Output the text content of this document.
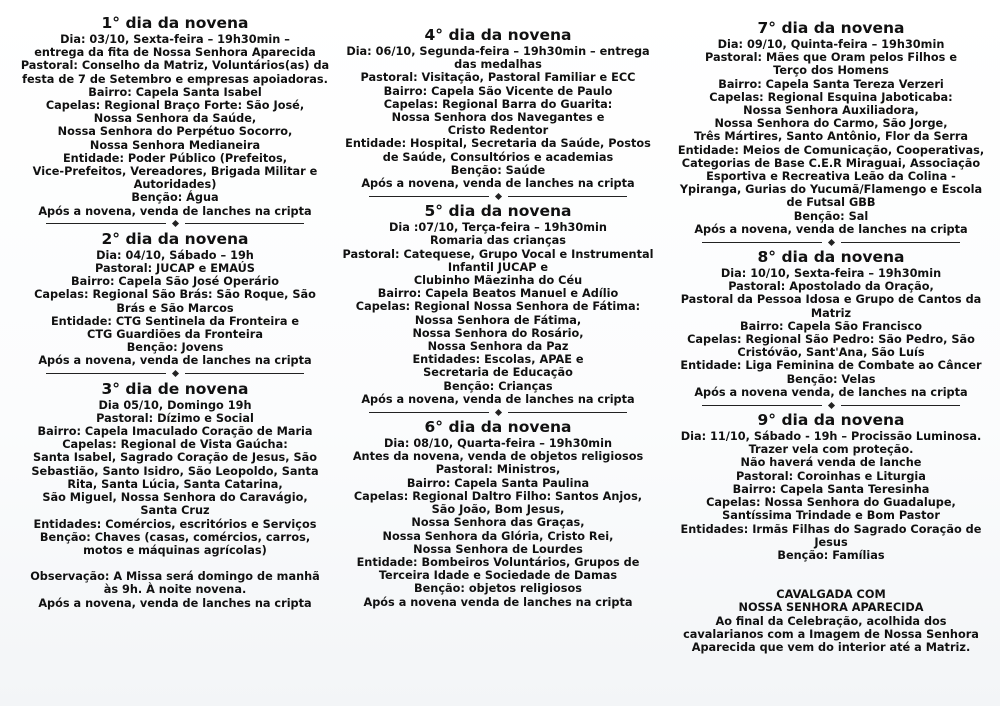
1° dia da novena
Dia: 03/10, Sexta-feira – 19h30min –
entrega da fita de Nossa Senhora Aparecida
Pastoral: Conselho da Matriz, Voluntários(as) da
festa de 7 de Setembro e empresas apoiadoras.
Bairro: Capela Santa Isabel
Capelas: Regional Braço Forte: São José,
Nossa Senhora da Saúde,
Nossa Senhora do Perpétuo Socorro,
Nossa Senhora Medianeira
Entidade: Poder Público (Prefeitos,
Vice-Prefeitos, Vereadores, Brigada Militar e
Autoridades)
Benção: Água
Após a novena, venda de lanches na cripta
2° dia da novena
Dia: 04/10, Sábado – 19h
Pastoral: JUCAP e EMAÚS
Bairro: Capela São José Operário
Capelas: Regional São Brás: São Roque, São
Brás e São Marcos
Entidade: CTG Sentinela da Fronteira e
CTG Guardiões da Fronteira
Benção: Jovens
Após a novena, venda de lanches na cripta
3° dia de novena
Dia 05/10, Domingo 19h
Pastoral: Dízimo e Social
Bairro: Capela Imaculado Coração de Maria
Capelas: Regional de Vista Gaúcha:
Santa Isabel, Sagrado Coração de Jesus, São
Sebastião, Santo Isidro, São Leopoldo, Santa
Rita, Santa Lúcia, Santa Catarina,
São Miguel, Nossa Senhora do Caravágio,
Santa Cruz
Entidades: Comércios, escritórios e Serviços
Benção: Chaves (casas, comércios, carros,
motos e máquinas agrícolas)
Observação: A Missa será domingo de manhã
às 9h. À noite novena.
Após a novena, venda de lanches na cripta
4° dia da novena
Dia: 06/10, Segunda-feira – 19h30min – entrega
das medalhas
Pastoral: Visitação, Pastoral Familiar e ECC
Bairro: Capela São Vicente de Paulo
Capelas: Regional Barra do Guarita:
Nossa Senhora dos Navegantes e
Cristo Redentor
Entidade: Hospital, Secretaria da Saúde, Postos
de Saúde, Consultórios e academias
Benção: Saúde
Após a novena, venda de lanches na cripta
5° dia da novena
Dia :07/10, Terça-feira – 19h30min
Romaria das crianças
Pastoral: Catequese, Grupo Vocal e Instrumental
Infantil JUCAP e
Clubinho Mãezinha do Céu
Bairro: Capela Beatos Manuel e Adílio
Capelas: Regional Nossa Senhora de Fátima:
Nossa Senhora de Fátima,
Nossa Senhora do Rosário,
Nossa Senhora da Paz
Entidades: Escolas, APAE e
Secretaria de Educação
Benção: Crianças
Após a novena, venda de lanches na cripta
6° dia da novena
Dia: 08/10, Quarta-feira – 19h30min
Antes da novena, venda de objetos religiosos
Pastoral: Ministros,
Bairro: Capela Santa Paulina
Capelas: Regional Daltro Filho: Santos Anjos,
São João, Bom Jesus,
Nossa Senhora das Graças,
Nossa Senhora da Glória, Cristo Rei,
Nossa Senhora de Lourdes
Entidade: Bombeiros Voluntários, Grupos de
Terceira Idade e Sociedade de Damas
Benção: objetos religiosos
Após a novena venda de lanches na cripta
7° dia da novena
Dia: 09/10, Quinta-feira – 19h30min
Pastoral: Mães que Oram pelos Filhos e
Terço dos Homens
Bairro: Capela Santa Tereza Verzeri
Capelas: Regional Esquina Jaboticaba:
Nossa Senhora Auxiliadora,
Nossa Senhora do Carmo, São Jorge,
Três Mártires, Santo Antônio, Flor da Serra
Entidade: Meios de Comunicação, Cooperativas,
Categorias de Base C.E.R Miraguai, Associação
Esportiva e Recreativa Leão da Colina -
Ypiranga, Gurias do Yucumã/Flamengo e Escola
de Futsal GBB
Benção: Sal
Após a novena, venda de lanches na cripta
8° dia da novena
Dia: 10/10, Sexta-feira – 19h30min
Pastoral: Apostolado da Oração,
Pastoral da Pessoa Idosa e Grupo de Cantos da
Matriz
Bairro: Capela São Francisco
Capelas: Regional São Pedro: São Pedro, São
Cristóvão, Sant'Ana, São Luís
Entidade: Liga Feminina de Combate ao Câncer
Benção: Velas
Após a novena venda, de lanches na cripta
9° dia da novena
Dia: 11/10, Sábado - 19h – Procissão Luminosa.
Trazer vela com proteção.
Não haverá venda de lanche
Pastoral: Coroinhas e Liturgia
Bairro: Capela Santa Teresinha
Capelas: Nossa Senhora do Guadalupe,
Santíssima Trindade e Bom Pastor
Entidades: Irmãs Filhas do Sagrado Coração de
Jesus
Benção: Famílias
CAVALGADA COM
NOSSA SENHORA APARECIDA
Ao final da Celebração, acolhida dos
cavalarianos com a Imagem de Nossa Senhora
Aparecida que vem do interior até a Matriz.
